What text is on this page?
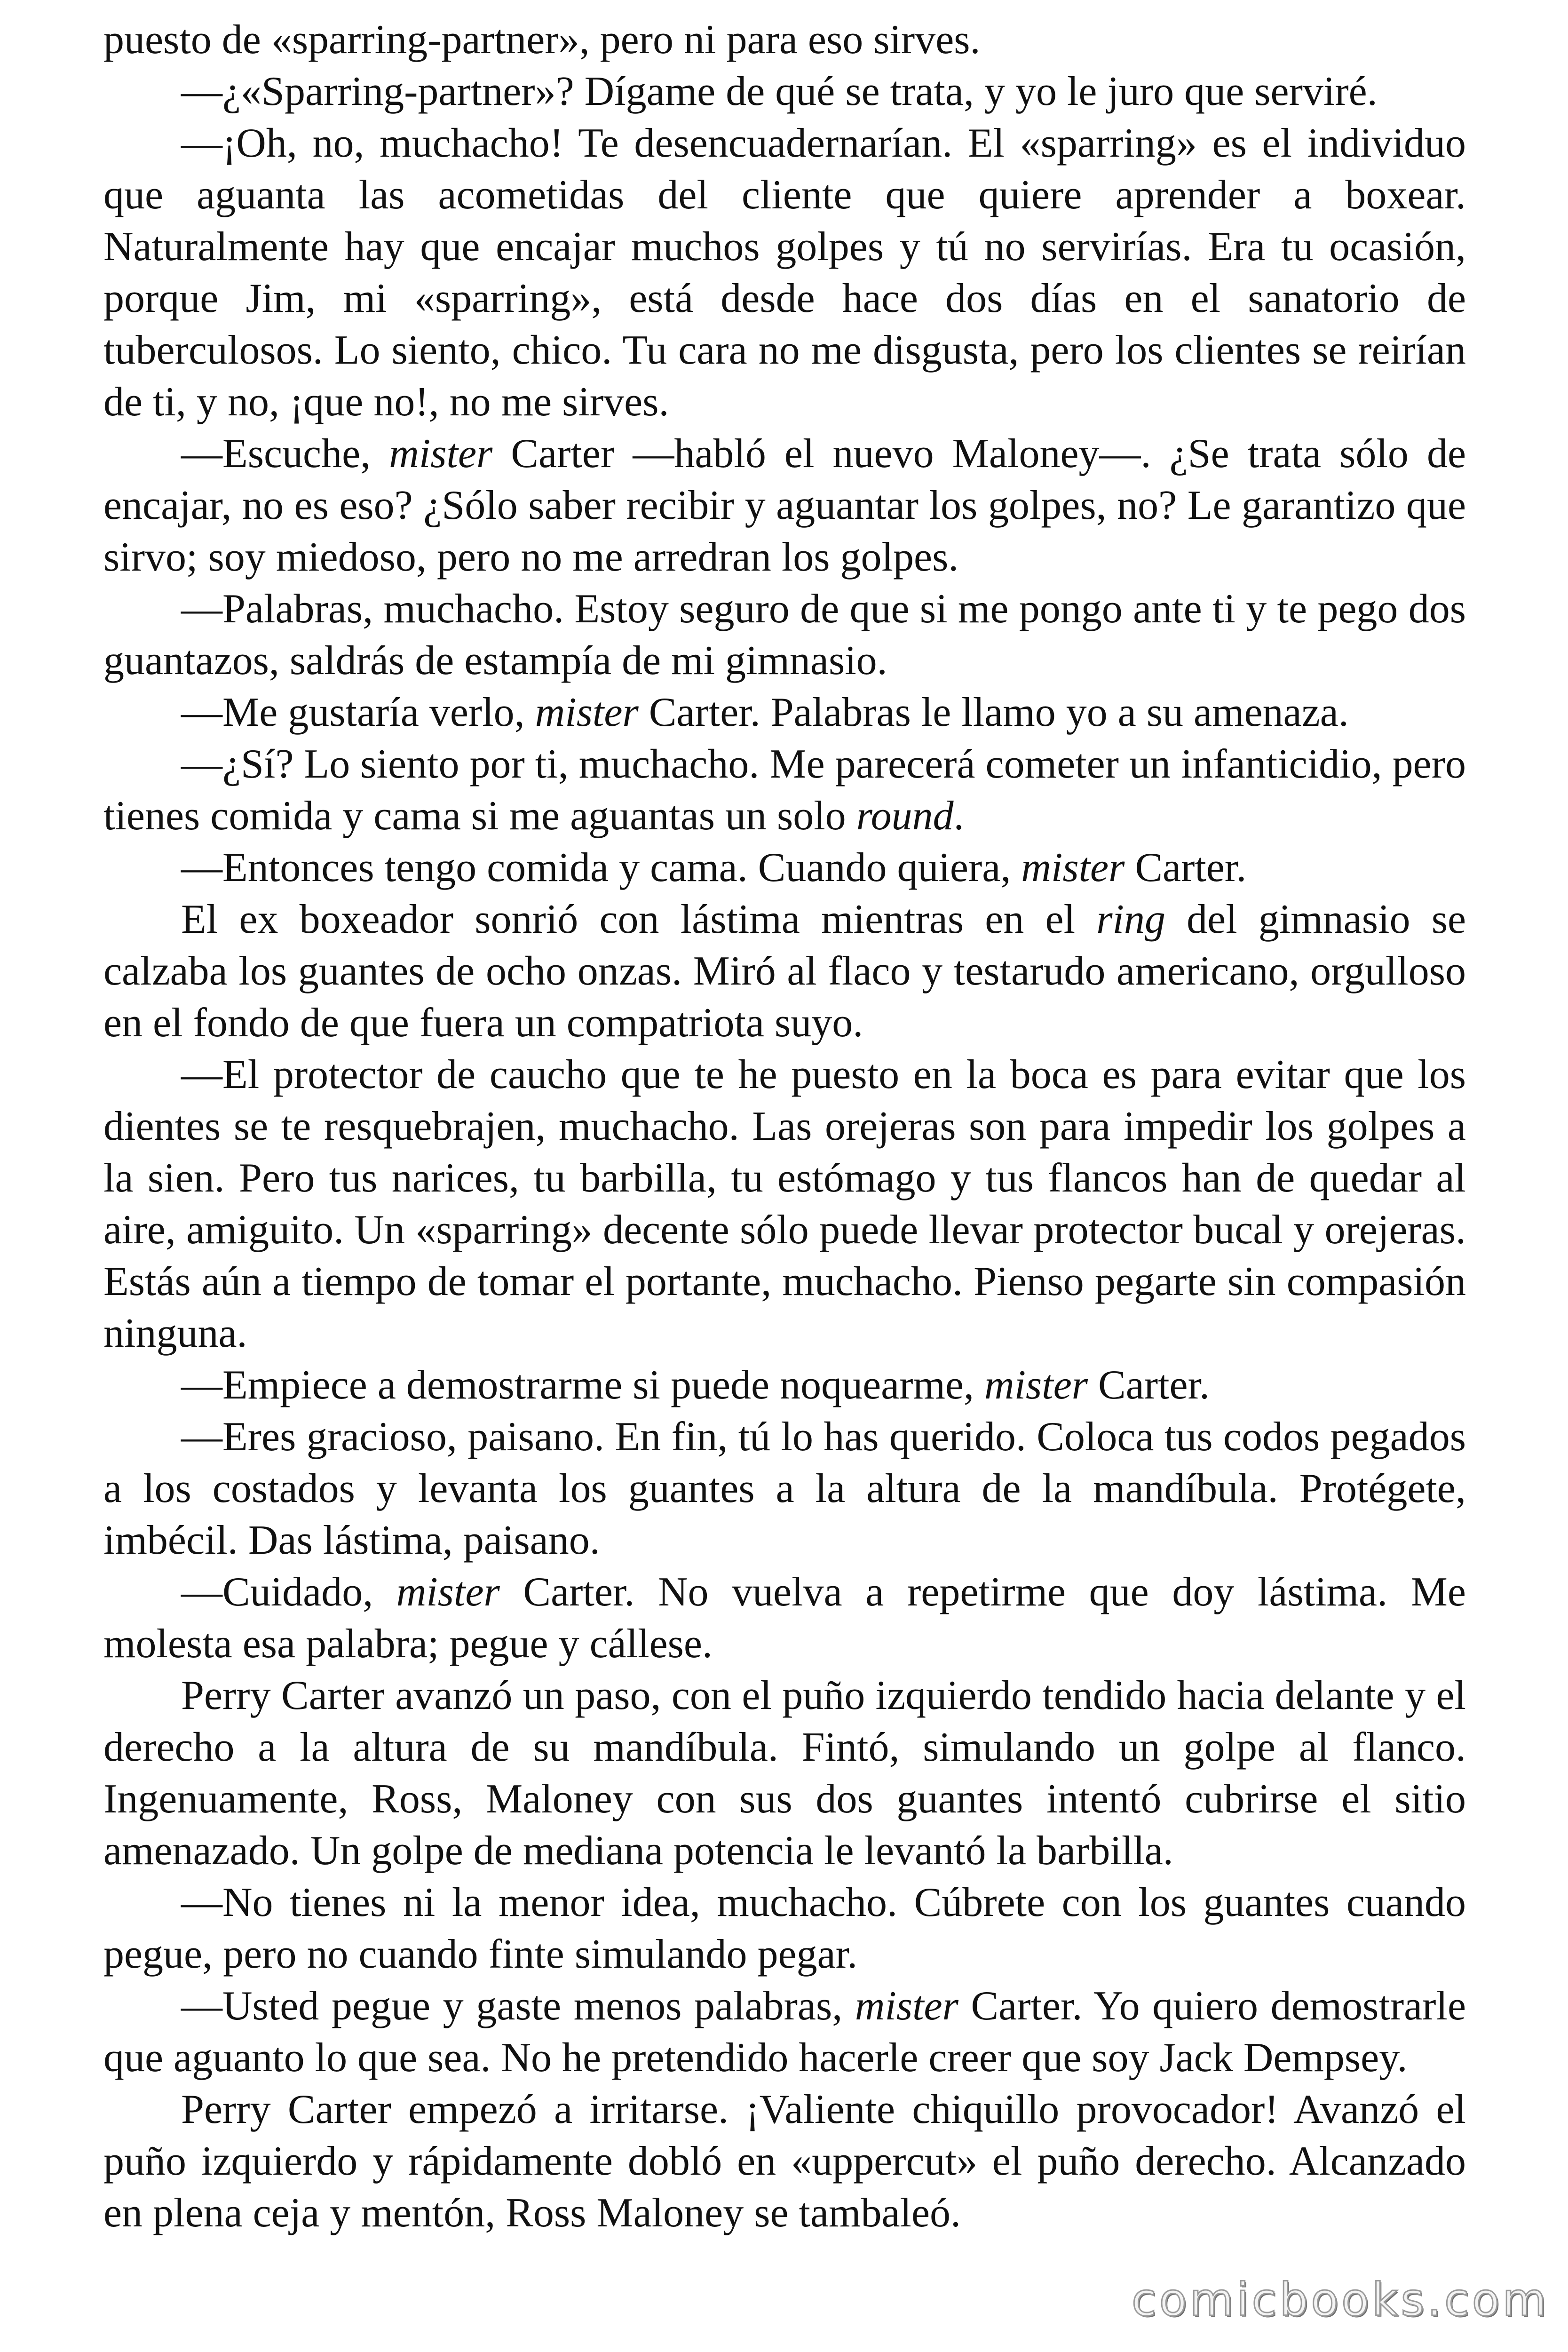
puesto de «sparring-partner», pero ni para eso sirves.

—¿«Sparring-partner»? Dígame de qué se trata, y yo le juro que serviré.

—¡Oh, no, muchacho! Te desencuadernarían. El «sparring» es el individuo que aguanta las acometidas del cliente que quiere aprender a boxear. Naturalmente hay que encajar muchos golpes y tú no servirías. Era tu ocasión, porque Jim, mi «sparring», está desde hace dos días en el sanatorio de tuberculosos. Lo siento, chico. Tu cara no me disgusta, pero los clientes se reirían de ti, y no, ¡que no!, no me sirves.

—Escuche, mister Carter —habló el nuevo Maloney—. ¿Se trata sólo de encajar, no es eso? ¿Sólo saber recibir y aguantar los golpes, no? Le garantizo que sirvo; soy miedoso, pero no me arredran los golpes.

—Palabras, muchacho. Estoy seguro de que si me pongo ante ti y te pego dos guantazos, saldrás de estampía de mi gimnasio.

—Me gustaría verlo, mister Carter. Palabras le llamo yo a su amenaza.

—¿Sí? Lo siento por ti, muchacho. Me parecerá cometer un infanticidio, pero tienes comida y cama si me aguantas un solo round.

—Entonces tengo comida y cama. Cuando quiera, mister Carter.

El ex boxeador sonrió con lástima mientras en el ring del gimnasio se calzaba los guantes de ocho onzas. Miró al flaco y testarudo americano, orgulloso en el fondo de que fuera un compatriota suyo.

—El protector de caucho que te he puesto en la boca es para evitar que los dientes se te resquebrajen, muchacho. Las orejeras son para impedir los golpes a la sien. Pero tus narices, tu barbilla, tu estómago y tus flancos han de quedar al aire, amiguito. Un «sparring» decente sólo puede llevar protector bucal y orejeras. Estás aún a tiempo de tomar el portante, muchacho. Pienso pegarte sin compasión ninguna.

—Empiece a demostrarme si puede noquearme, mister Carter.

—Eres gracioso, paisano. En fin, tú lo has querido. Coloca tus codos pegados a los costados y levanta los guantes a la altura de la mandíbula. Protégete, imbécil. Das lástima, paisano.

—Cuidado, mister Carter. No vuelva a repetirme que doy lástima. Me molesta esa palabra; pegue y cállese.

Perry Carter avanzó un paso, con el puño izquierdo tendido hacia delante y el derecho a la altura de su mandíbula. Fintó, simulando un golpe al flanco. Ingenuamente, Ross, Maloney con sus dos guantes intentó cubrirse el sitio amenazado. Un golpe de mediana potencia le levantó la barbilla.

—No tienes ni la menor idea, muchacho. Cúbrete con los guantes cuando pegue, pero no cuando finte simulando pegar.

—Usted pegue y gaste menos palabras, mister Carter. Yo quiero demostrarle que aguanto lo que sea. No he pretendido hacerle creer que soy Jack Dempsey.

Perry Carter empezó a irritarse. ¡Valiente chiquillo provocador! Avanzó el puño izquierdo y rápidamente dobló en «uppercut» el puño derecho. Alcanzado en plena ceja y mentón, Ross Maloney se tambaleó.

comicbooks.com
